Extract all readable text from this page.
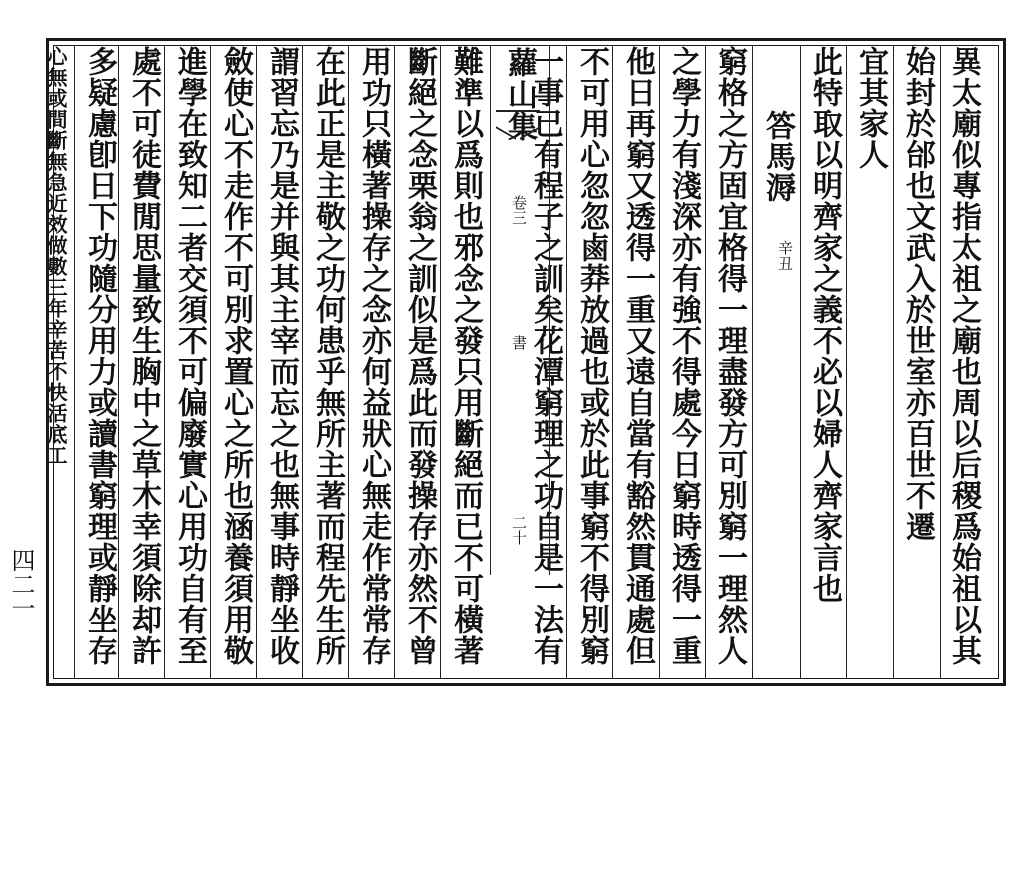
異太廟似專指太祖之廟也周以后稷爲始祖以其
始封於邰也文武入於世室亦百世不遷
宜其家人
此特取以明齊家之義不必以婦人齊家言也
答馬溽
辛丑
窮格之方固宜格得一理盡發方可別窮一理然人
之學力有淺深亦有強不得處今日窮時透得一重
他日再窮又透得一重又遠自當有豁然貫通處但
不可用心忽忽鹵莽放過也或於此事窮不得別窮
一事已有程子之訓矣花潭窮理之功自是一法有
蘿山集
卷三
書
二十
難準以爲則也邪念之發只用斷絕而已不可橫著
斷絕之念栗翁之訓似是爲此而發操存亦然不曾
用功只橫著操存之念亦何益狀心無走作常常存
在此正是主敬之功何患乎無所主著而程先生所
謂習忘乃是并與其主宰而忘之也無事時靜坐收
斂使心不走作不可別求置心之所也涵養須用敬
進學在致知二者交須不可偏廢實心用功自有至
處不可徒費閒思量致生胸中之草木幸須除却許
多疑慮卽日下功隨分用力或讀書窮理或靜坐存
心無或間斷無急近效做數三年辛苦不快活底工
四二一
